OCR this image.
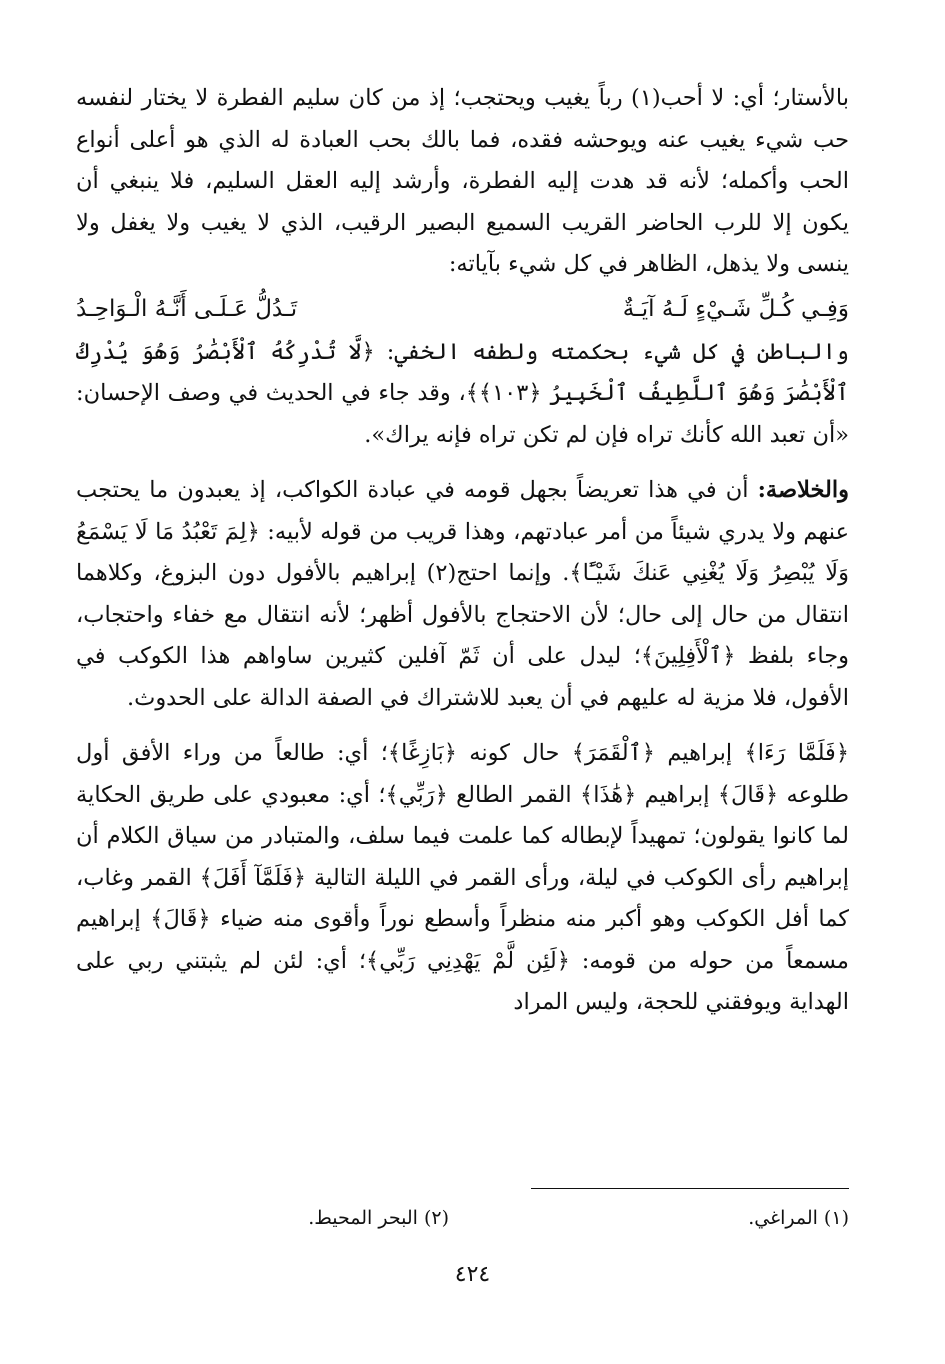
بالأستار؛ أي: لا أحب(١) رباً يغيب ويحتجب؛ إذ من كان سليم الفطرة لا يختار لنفسه حب شيء يغيب عنه ويوحشه فقده، فما بالك بحب العبادة له الذي هو أعلى أنواع الحب وأكمله؛ لأنه قد هدت إليه الفطرة، وأرشد إليه العقل السليم، فلا ينبغي أن يكون إلا للرب الحاضر القريب السميع البصير الرقيب، الذي لا يغيب ولا يغفل ولا ينسى ولا يذهل، الظاهر في كل شيء بآياته:

وَفِـي كُـلِّ شَـيْءٍ لَـهُ آيَـةٌ
تَـدُلُّ عَـلَـى أَنَّـهُ الْـوَاحِـدُ

والباطن في كل شيء بحكمته ولطفه الخفي: ﴿لَّا تُدْرِكُهُ ٱلْأَبْصَٰرُ وَهُوَ يُدْرِكُ ٱلْأَبْصَٰرَ وَهُوَ ٱللَّطِيفُ ٱلْخَبِيرُ ﴿١٠٣﴾﴾، وقد جاء في الحديث في وصف الإحسان: «أن تعبد الله كأنك تراه فإن لم تكن تراه فإنه يراك».

والخلاصة: أن في هذا تعريضاً بجهل قومه في عبادة الكواكب، إذ يعبدون ما يحتجب عنهم ولا يدري شيئاً من أمر عبادتهم، وهذا قريب من قوله لأبيه: ﴿لِمَ تَعْبُدُ مَا لَا يَسْمَعُ وَلَا يُبْصِرُ وَلَا يُغْنِي عَنكَ شَيْـًٔا﴾. وإنما احتج(٢) إبراهيم بالأفول دون البزوغ، وكلاهما انتقال من حال إلى حال؛ لأن الاحتجاج بالأفول أظهر؛ لأنه انتقال مع خفاء واحتجاب، وجاء بلفظ ﴿ٱلْأَفِلِينَ﴾؛ ليدل على أن ثَمّ آفلين كثيرين ساواهم هذا الكوكب في الأفول، فلا مزية له عليهم في أن يعبد للاشتراك في الصفة الدالة على الحدوث.

﴿فَلَمَّا رَءَا﴾ إبراهيم ﴿ٱلْقَمَرَ﴾ حال كونه ﴿بَازِغًا﴾؛ أي: طالعاً من وراء الأفق أول طلوعه ﴿قَالَ﴾ إبراهيم ﴿هَٰذَا﴾ القمر الطالع ﴿رَبِّي﴾؛ أي: معبودي على طريق الحكاية لما كانوا يقولون؛ تمهيداً لإبطاله كما علمت فيما سلف، والمتبادر من سياق الكلام أن إبراهيم رأى الكوكب في ليلة، ورأى القمر في الليلة التالية ﴿فَلَمَّآ أَفَلَ﴾ القمر وغاب، كما أفل الكوكب وهو أكبر منه منظراً وأسطع نوراً وأقوى منه ضياء ﴿قَالَ﴾ إبراهيم مسمعاً من حوله من قومه: ﴿لَئِن لَّمْ يَهْدِنِي رَبِّي﴾؛ أي: لئن لم يثبتني ربي على الهداية ويوفقني للحجة، وليس المراد

(١) المراغي.
(٢) البحر المحيط.
٤٢٤
